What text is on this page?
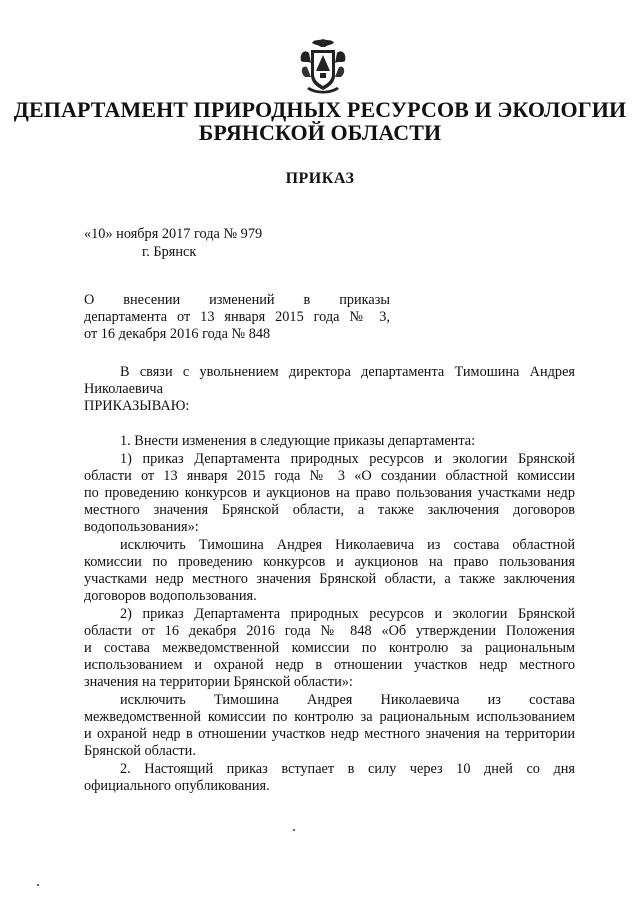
ДЕПАРТАМЕНТ ПРИРОДНЫХ РЕСУРСОВ И ЭКОЛОГИИ
БРЯНСКОЙ ОБЛАСТИ
ПРИКАЗ
«10» ноября 2017 года № 979
г. Брянск
О внесении изменений в приказы
департамента от 13 января 2015 года № 3,
от 16 декабря 2016 года № 848
В связи с увольнением директора департамента Тимошина Андрея
Николаевича
ПРИКАЗЫВАЮ:
1. Внести изменения в следующие приказы департамента:
1) приказ Департамента природных ресурсов и экологии Брянской
области от 13 января 2015 года № 3 «О создании областной комиссии
по проведению конкурсов и аукционов на право пользования участками недр
местного значения Брянской области, а также заключения договоров
водопользования»:
исключить Тимошина Андрея Николаевича из состава областной
комиссии по проведению конкурсов и аукционов на право пользования
участками недр местного значения Брянской области, а также заключения
договоров водопользования.
2) приказ Департамента природных ресурсов и экологии Брянской
области от 16 декабря 2016 года № 848 «Об утверждении Положения
и состава межведомственной комиссии по контролю за рациональным
использованием и охраной недр в отношении участков недр местного
значения на территории Брянской области»:
исключить Тимошина Андрея Николаевича из состава
межведомственной комиссии по контролю за рациональным использованием
и охраной недр в отношении участков недр местного значения на территории
Брянской области.
2. Настоящий приказ вступает в силу через 10 дней со дня
официального опубликования.
